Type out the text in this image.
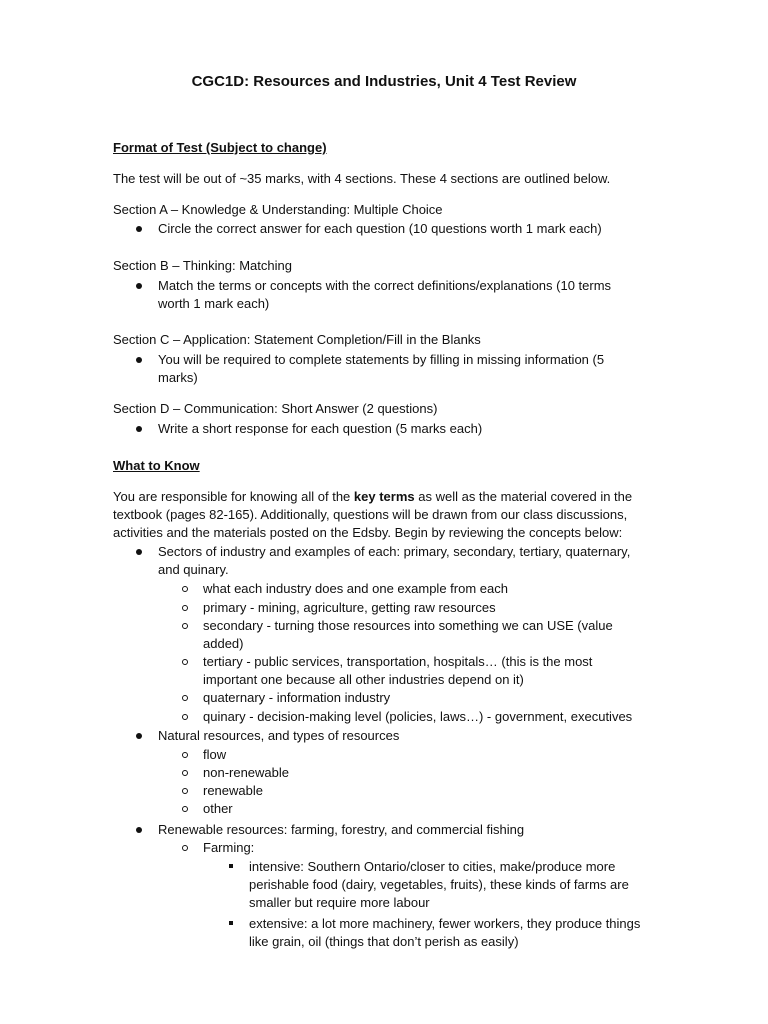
CGC1D: Resources and Industries, Unit 4 Test Review

Format of Test (Subject to change)

The test will be out of ~35 marks, with 4 sections. These 4 sections are outlined below.

Section A – Knowledge & Understanding: Multiple Choice

Circle the correct answer for each question (10 questions worth 1 mark each)

Section B – Thinking: Matching

Match the terms or concepts with the correct definitions/explanations (10 terms

worth 1 mark each)

Section C – Application: Statement Completion/Fill in the Blanks

You will be required to complete statements by filling in missing information (5

marks)

Section D – Communication: Short Answer (2 questions)

Write a short response for each question (5 marks each)

What to Know

You are responsible for knowing all of the key terms as well as the material covered in the

textbook (pages 82-165). Additionally, questions will be drawn from our class discussions,

activities and the materials posted on the Edsby. Begin by reviewing the concepts below:

Sectors of industry and examples of each: primary, secondary, tertiary, quaternary,

and quinary.

what each industry does and one example from each

primary - mining, agriculture, getting raw resources

secondary - turning those resources into something we can USE (value

added)

tertiary - public services, transportation, hospitals… (this is the most

important one because all other industries depend on it)

quaternary - information industry

quinary - decision-making level (policies, laws…) - government, executives

Natural resources, and types of resources

flow

non-renewable

renewable

other

Renewable resources: farming, forestry, and commercial fishing

Farming:

intensive: Southern Ontario/closer to cities, make/produce more

perishable food (dairy, vegetables, fruits), these kinds of farms are

smaller but require more labour

extensive: a lot more machinery, fewer workers, they produce things

like grain, oil (things that don’t perish as easily)
